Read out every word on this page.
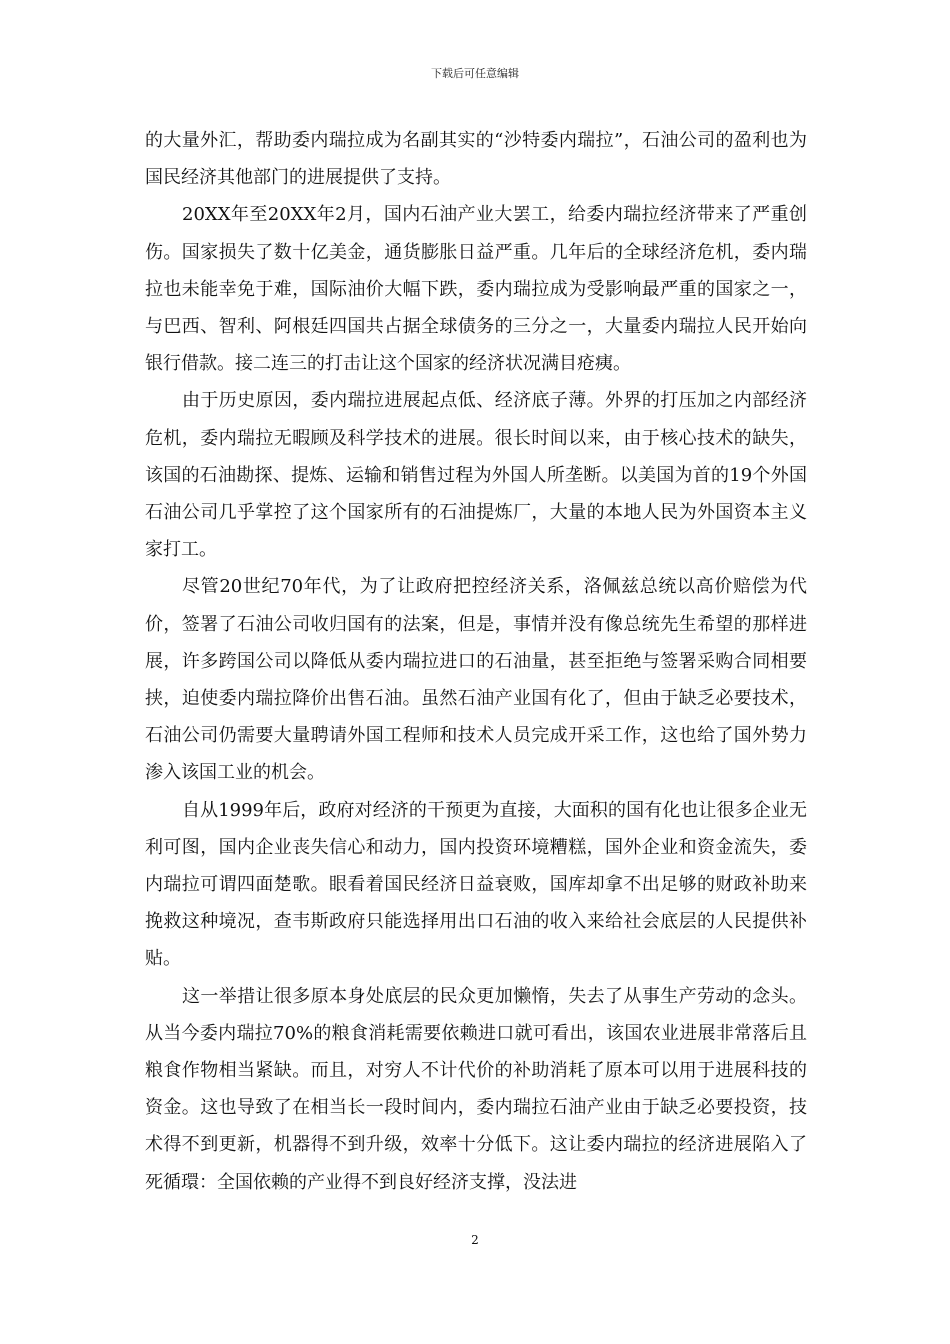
下载后可任意编辑

的大量外汇，帮助委内瑞拉成为名副其实的“沙特委内瑞拉”，石油公司的盈利也为国民经济其他部门的进展提供了支持。

20XX年至20XX年2月，国内石油产业大罢工，给委内瑞拉经济带来了严重创伤。国家损失了数十亿美金，通货膨胀日益严重。几年后的全球经济危机，委内瑞拉也未能幸免于难，国际油价大幅下跌，委内瑞拉成为受影响最严重的国家之一，与巴西、智利、阿根廷四国共占据全球债务的三分之一，大量委内瑞拉人民开始向银行借款。接二连三的打击让这个国家的经济状况满目疮痍。

由于历史原因，委内瑞拉进展起点低、经济底子薄。外界的打压加之内部经济危机，委内瑞拉无暇顾及科学技术的进展。很长时间以来，由于核心技术的缺失，该国的石油勘探、提炼、运输和销售过程为外国人所垄断。以美国为首的19个外国石油公司几乎掌控了这个国家所有的石油提炼厂，大量的本地人民为外国资本主义家打工。

尽管20世纪70年代，为了让政府把控经济关系，洛佩兹总统以高价赔偿为代价，签署了石油公司收归国有的法案，但是，事情并没有像总统先生希望的那样进展，许多跨国公司以降低从委内瑞拉进口的石油量，甚至拒绝与签署采购合同相要挟，迫使委内瑞拉降价出售石油。虽然石油产业国有化了，但由于缺乏必要技术，石油公司仍需要大量聘请外国工程师和技术人员完成开采工作，这也给了国外势力渗入该国工业的机会。

自从1999年后，政府对经济的干预更为直接，大面积的国有化也让很多企业无利可图，国内企业丧失信心和动力，国内投资环境糟糕，国外企业和资金流失，委内瑞拉可谓四面楚歌。眼看着国民经济日益衰败，国库却拿不出足够的财政补助来挽救这种境况，查韦斯政府只能选择用出口石油的收入来给社会底层的人民提供补贴。

这一举措让很多原本身处底层的民众更加懒惰，失去了从事生产劳动的念头。从当今委内瑞拉70%的粮食消耗需要依赖进口就可看出，该国农业进展非常落后且粮食作物相当紧缺。而且，对穷人不计代价的补助消耗了原本可以用于进展科技的资金。这也导致了在相当长一段时间内，委内瑞拉石油产业由于缺乏必要投资，技术得不到更新，机器得不到升级，效率十分低下。这让委内瑞拉的经济进展陷入了死循環：全国依赖的产业得不到良好经济支撑，没法进

2
